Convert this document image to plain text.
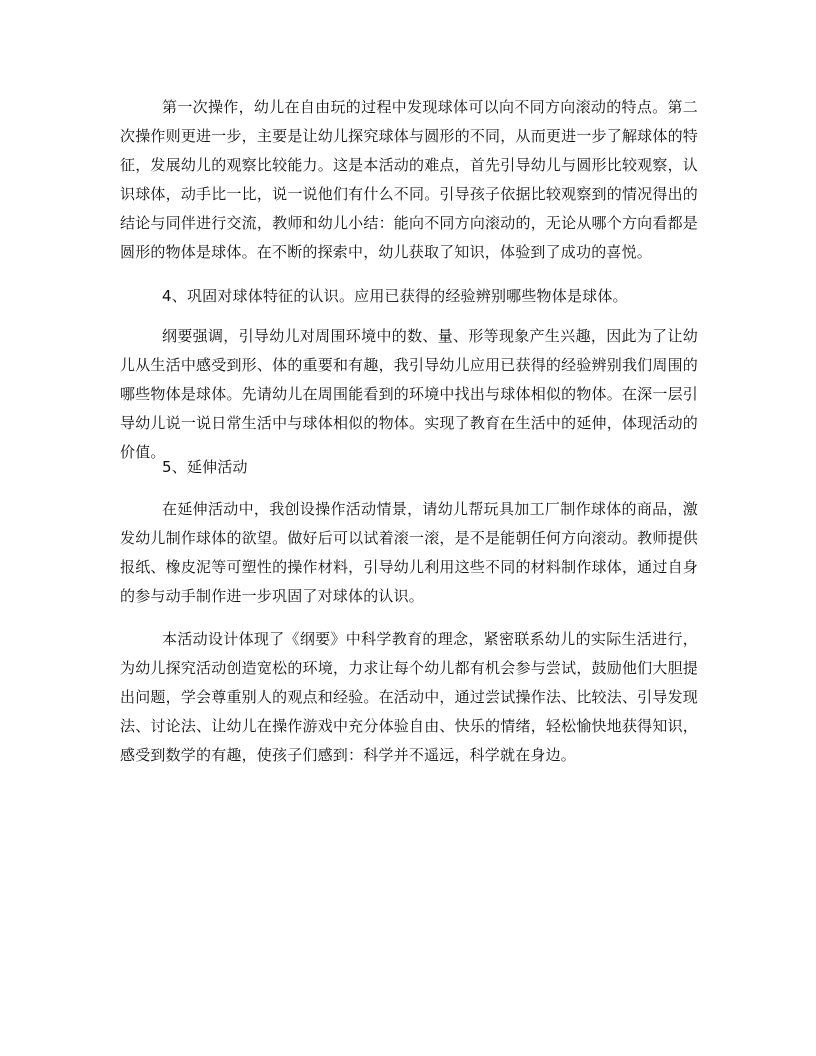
第一次操作，幼儿在自由玩的过程中发现球体可以向不同方向滚动的特点。第二次操作则更进一步，主要是让幼儿探究球体与圆形的不同，从而更进一步了解球体的特征，发展幼儿的观察比较能力。这是本活动的难点，首先引导幼儿与圆形比较观察，认识球体，动手比一比，说一说他们有什么不同。引导孩子依据比较观察到的情况得出的结论与同伴进行交流，教师和幼儿小结：能向不同方向滚动的，无论从哪个方向看都是圆形的物体是球体。在不断的探索中，幼儿获取了知识，体验到了成功的喜悦。

4、巩固对球体特征的认识。应用已获得的经验辨别哪些物体是球体。

纲要强调，引导幼儿对周围环境中的数、量、形等现象产生兴趣，因此为了让幼儿从生活中感受到形、体的重要和有趣，我引导幼儿应用已获得的经验辨别我们周围的哪些物体是球体。先请幼儿在周围能看到的环境中找出与球体相似的物体。在深一层引导幼儿说一说日常生活中与球体相似的物体。实现了教育在生活中的延伸，体现活动的价值。

5、延伸活动

在延伸活动中，我创设操作活动情景，请幼儿帮玩具加工厂制作球体的商品，激发幼儿制作球体的欲望。做好后可以试着滚一滚，是不是能朝任何方向滚动。教师提供报纸、橡皮泥等可塑性的操作材料，引导幼儿利用这些不同的材料制作球体，通过自身的参与动手制作进一步巩固了对球体的认识。

本活动设计体现了《纲要》中科学教育的理念，紧密联系幼儿的实际生活进行，为幼儿探究活动创造宽松的环境，力求让每个幼儿都有机会参与尝试，鼓励他们大胆提出问题，学会尊重别人的观点和经验。在活动中，通过尝试操作法、比较法、引导发现法、讨论法、让幼儿在操作游戏中充分体验自由、快乐的情绪，轻松愉快地获得知识，感受到数学的有趣，使孩子们感到：科学并不遥远，科学就在身边。
